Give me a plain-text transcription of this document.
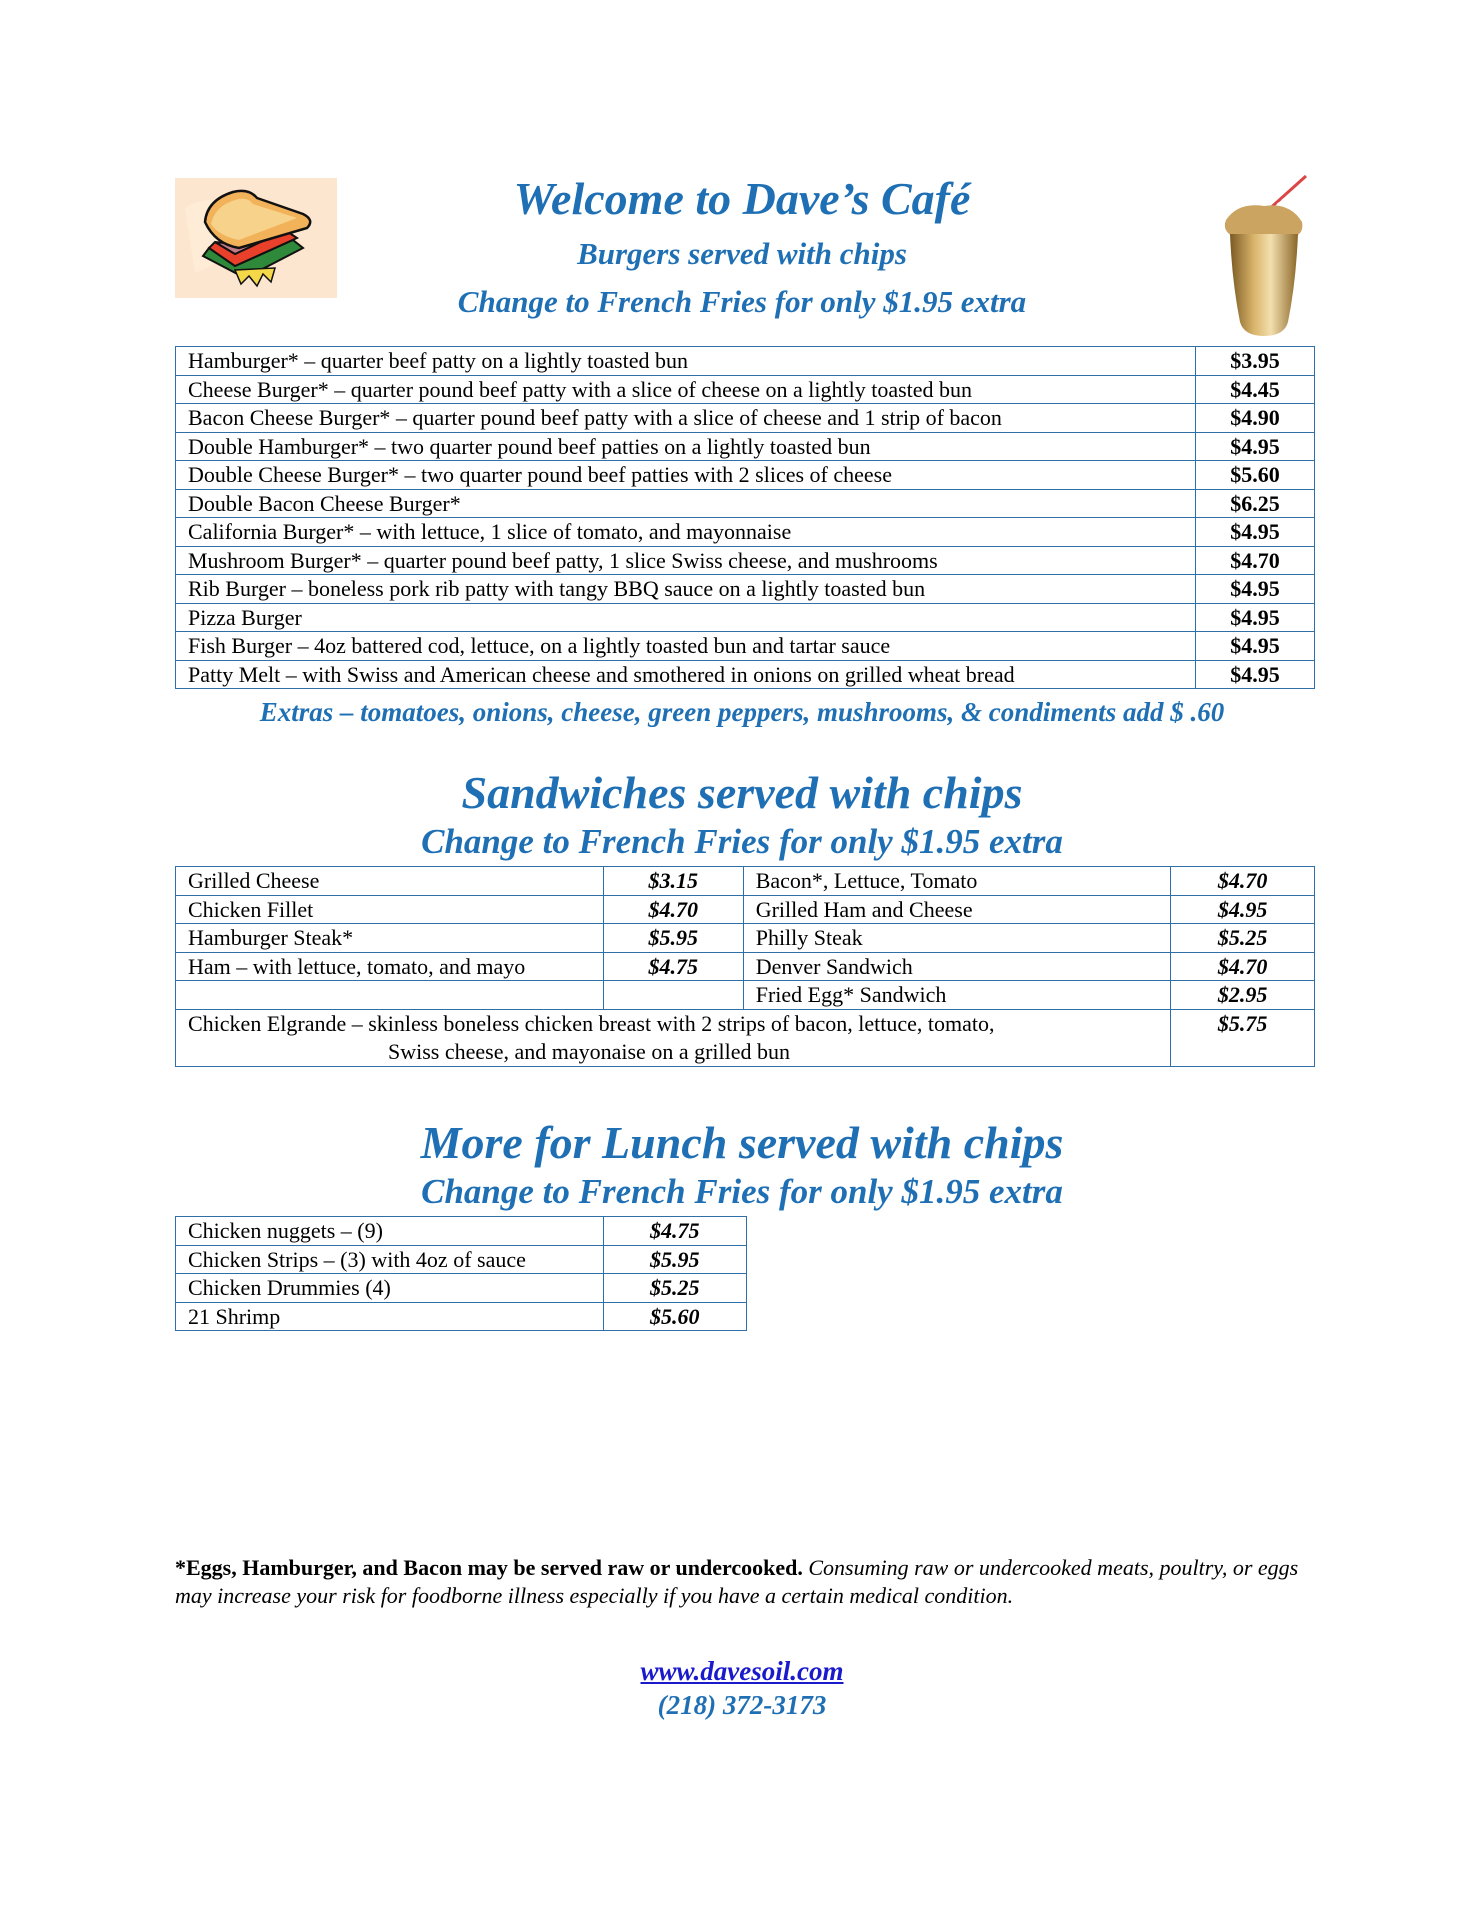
Welcome to Dave’s Café
Burgers served with chips
Change to French Fries for only $1.95 extra
Hamburger* – quarter beef patty on a lightly toasted bun	$3.95
Cheese Burger* – quarter pound beef patty with a slice of cheese on a lightly toasted bun	$4.45
Bacon Cheese Burger* – quarter pound beef patty with a slice of cheese and 1 strip of bacon	$4.90
Double Hamburger* – two quarter pound beef patties on a lightly toasted bun	$4.95
Double Cheese Burger* – two quarter pound beef patties with 2 slices of cheese	$5.60
Double Bacon Cheese Burger*	$6.25
California Burger* – with lettuce, 1 slice of tomato, and mayonnaise	$4.95
Mushroom Burger* – quarter pound beef patty, 1 slice Swiss cheese, and mushrooms	$4.70
Rib Burger – boneless pork rib patty with tangy BBQ sauce on a lightly toasted bun	$4.95
Pizza Burger	$4.95
Fish Burger – 4oz battered cod, lettuce, on a lightly toasted bun and tartar sauce	$4.95
Patty Melt – with Swiss and American cheese and smothered in onions on grilled wheat bread	$4.95
Extras – tomatoes, onions, cheese, green peppers, mushrooms, & condiments add $ .60
Sandwiches served with chips
Change to French Fries for only $1.95 extra
Grilled Cheese	$3.15	Bacon*, Lettuce, Tomato	$4.70
Chicken Fillet	$4.70	Grilled Ham and Cheese	$4.95
Hamburger Steak*	$5.95	Philly Steak	$5.25
Ham – with lettuce, tomato, and mayo	$4.75	Denver Sandwich	$4.70
		Fried Egg* Sandwich	$2.95

Chicken Elgrande – skinless boneless chicken breast with 2 strips of bacon, lettuce, tomato,
Swiss cheese, and mayonaise on a grilled bun			$5.75
More for Lunch served with chips
Change to French Fries for only $1.95 extra
Chicken nuggets – (9)	$4.75
Chicken Strips – (3) with 4oz of sauce	$5.95
Chicken Drummies (4)	$5.25
21 Shrimp	$5.60
*Eggs, Hamburger, and Bacon may be served raw or undercooked. Consuming raw or undercooked meats, poultry, or eggs may increase your risk for foodborne illness especially if you have a certain medical condition.
www.davesoil.com
(218) 372-3173
